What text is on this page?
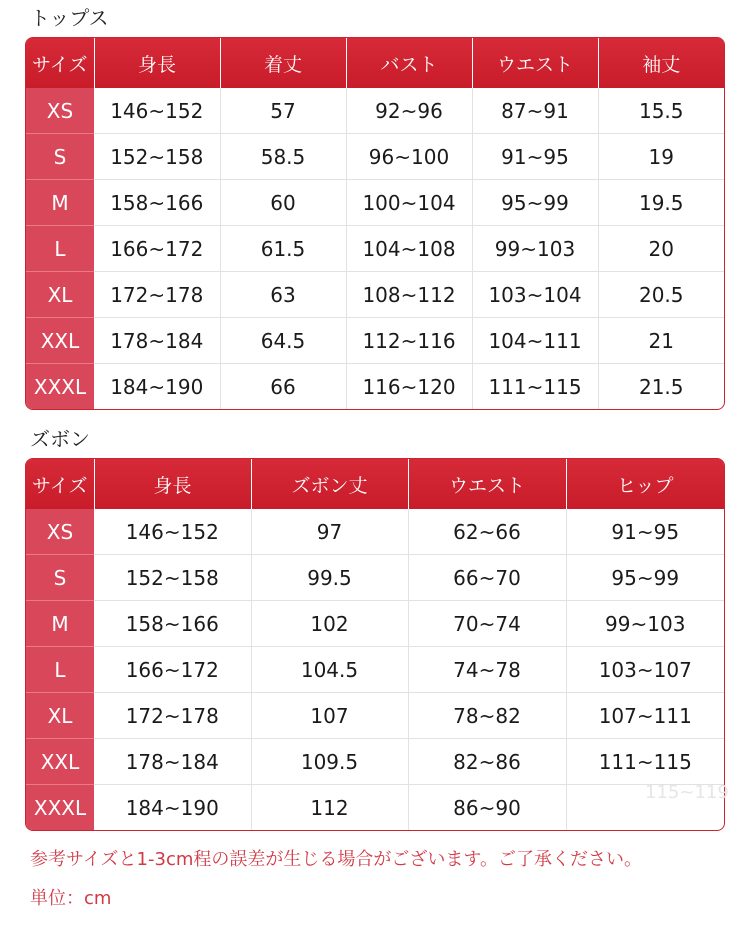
トップス
サイズ	身長	着丈	バスト	ウエスト	袖丈
XS	146~152	57	92~96	87~91	15.5
S	152~158	58.5	96~100	91~95	19
M	158~166	60	100~104	95~99	19.5
L	166~172	61.5	104~108	99~103	20
XL	172~178	63	108~112	103~104	20.5
XXL	178~184	64.5	112~116	104~111	21
XXXL	184~190	66	116~120	111~115	21.5
ズボン
サイズ	身長	ズボン丈	ウエスト	ヒップ
XS	146~152	97	62~66	91~95
S	152~158	99.5	66~70	95~99
M	158~166	102	70~74	99~103
L	166~172	104.5	74~78	103~107
XL	172~178	107	78~82	107~111
XXL	178~184	109.5	82~86	111~115
XXXL	184~190	112	86~90	
115~119

参考サイズと1-3cm程の誤差が生じる場合がございます。ご了承ください。

単位：cm
